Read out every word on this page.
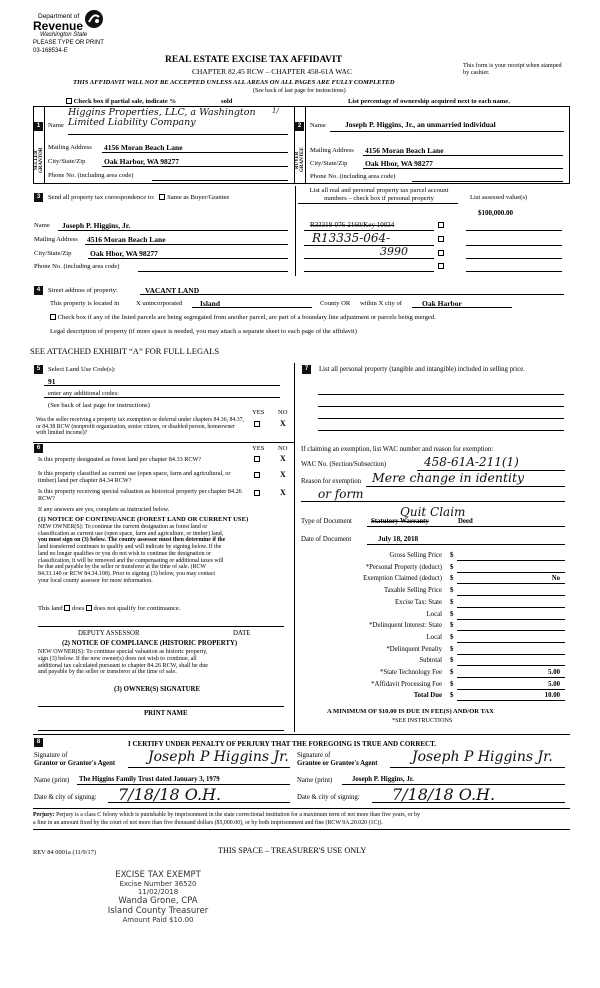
Department of
Revenue
Washington State
PLEASE TYPE OR PRINT
03-168534-E
REAL ESTATE EXCISE TAX AFFIDAVIT
CHAPTER 82.45 RCW – CHAPTER 458-61A WAC
This form is your receipt when stamped by cashier.
THIS AFFIDAVIT WILL NOT BE ACCEPTED UNLESS ALL AREAS ON ALL PAGES ARE FULLY COMPLETED
(See back of last page for instructions)
Check box if partial sale, indicate %	sold	List percentage of ownership acquired next to each name.
1	2
SELLER GRANTOR	BUYER GRANTEE
Name
Higgins Properties, LLC, a Washington Limited Liability Company
1/
Mailing Address 4156 Moran Beach Lane
City/State/Zip Oak Harbor, WA 98277
Phone No. (including area code)
Name	Joseph P. Higgins, Jr., an unmarried individual
Mailing Address 4156 Moran Beach Lane
City/State/Zip Oak Hbor, WA 98277
Phone No. (including area code)
3	Send all property tax correspondence to: Same as Buyer/Grantee
Name Joseph P. Higgins, Jr.
Mailing Address 4516 Moran Beach Lane
City/State/Zip Oak Hbor, WA 98277
Phone No. (including area code)
List all real and personal property tax parcel account numbers – check box if personal property	List assessed value(s)
$100,000.00
R33318-076-2160/Key 10034
R13335-064-
3990
4	Street address of property:	VACANT LAND
This property is located in	X unincorporated Island	County OR within X city of	Oak Harbor
Check box if any of the listed parcels are being segregated from another parcel, are part of a boundary line adjustment or parcels being merged.
Legal description of property (if more space is needed, you may attach a separate sheet to each page of the affidavit)
SEE ATTACHED EXHIBIT “A” FOR FULL LEGALS
5	Select Land Use Code(s):
91
enter any additional codes:
(See back of last page for instructions)
YES NO
Was the seller receiving a property tax exemption or deferral under chapters 84.36, 84.37, or 84.38 RCW (nonprofit organization, senior citizen, or disabled person, homeowner with limited income)?
X
7	List all personal property (tangible and intangible) included in selling price.
6	YES NO
Is this property designated as forest land per chapter 84.33 RCW?	X
Is this property classified as current use (open space, farm and agricultural, or timber) land per chapter 84.34 RCW?
X
Is this property receiving special valuation as historical property per chapter 84.26 RCW?
X
If any answers are yes, complete as instructed below.
(1) NOTICE OF CONTINUANCE (FOREST LAND OR CURRENT USE)
NEW OWNER(S): To continue the current designation as forest land or
classification as current use (open space, farm and agriculture, or timber) land,
you must sign on (3) below. The county assessor must then determine if the
land transferred continues to qualify and will indicate by signing below. If the
land no longer qualifies or you do not wish to continue the designation or
classification, it will be removed and the compensating or additional taxes will
be due and payable by the seller or transferor at the time of sale. (RCW
84.33.140 or RCW 84.34.108). Prior to signing (3) below, you may contact
your local county assessor for more information.
This land does does not qualify for continuance.
DEPUTY ASSESSOR	DATE
(2) NOTICE OF COMPLIANCE (HISTORIC PROPERTY)
NEW OWNER(S): To continue special valuation as historic property,
sign (3) below. If the new owner(s) does not wish to continue, all
additional tax calculated pursuant to chapter 84.26 RCW, shall be due
and payable by the seller or transferor at the time of sale.
(3) OWNER(S) SIGNATURE
PRINT NAME
If claiming an exemption, list WAC number and reason for exemption:
WAC No. (Section/Subsection)	458-61A-211(1)
Reason for exemption Mere change in identity
or form
Type of Document	Statutory Warranty
Quit Claim
Deed
Date of Document	July 18, 2018
Gross Selling Price $
*Personal Property (deduct) $
Exemption Claimed (deduct) $	No
Taxable Selling Price $
Excise Tax: State $
Local $
*Delinquent Interest: State $
Local $
*Delinquent Penalty $
Subtotal $
*State Technology Fee $	5.00
*Affidavit Processing Fee $	5.00
Total Due $	10.00
A MINIMUM OF $10.00 IS DUE IN FEE(S) AND/OR TAX
*SEE INSTRUCTIONS
8	I CERTIFY UNDER PENALTY OF PERJURY THAT THE FOREGOING IS TRUE AND CORRECT.
Signature of
Grantor or Grantor's Agent Joseph P Higgins Jr.
Name (print) The Higgins Family Trust dated January 3, 1979
Date & city of signing: 7/18/18 O.H.
Signature of
Grantee or Grantee's Agent Joseph P Higgins Jr.
Name (print)	Joseph P. Higgins, Jr.
Date & city of signing: 7/18/18 O.H.
Perjury: Perjury is a class C felony which is punishable by imprisonment in the state correctional institution for a maximum term of not more than five years, or by
a fine in an amount fixed by the court of not more than five thousand dollars ($5,000.00), or by both imprisonment and fine (RCW 9A.20.020 (1C)).
REV 84 0001a (11/9/17)	THIS SPACE – TREASURER'S USE ONLY
EXCISE TAX EXEMPT
Excise Number 36520
11/02/2018
Wanda Grone, CPA
Island County Treasurer
Amount Paid $10.00
